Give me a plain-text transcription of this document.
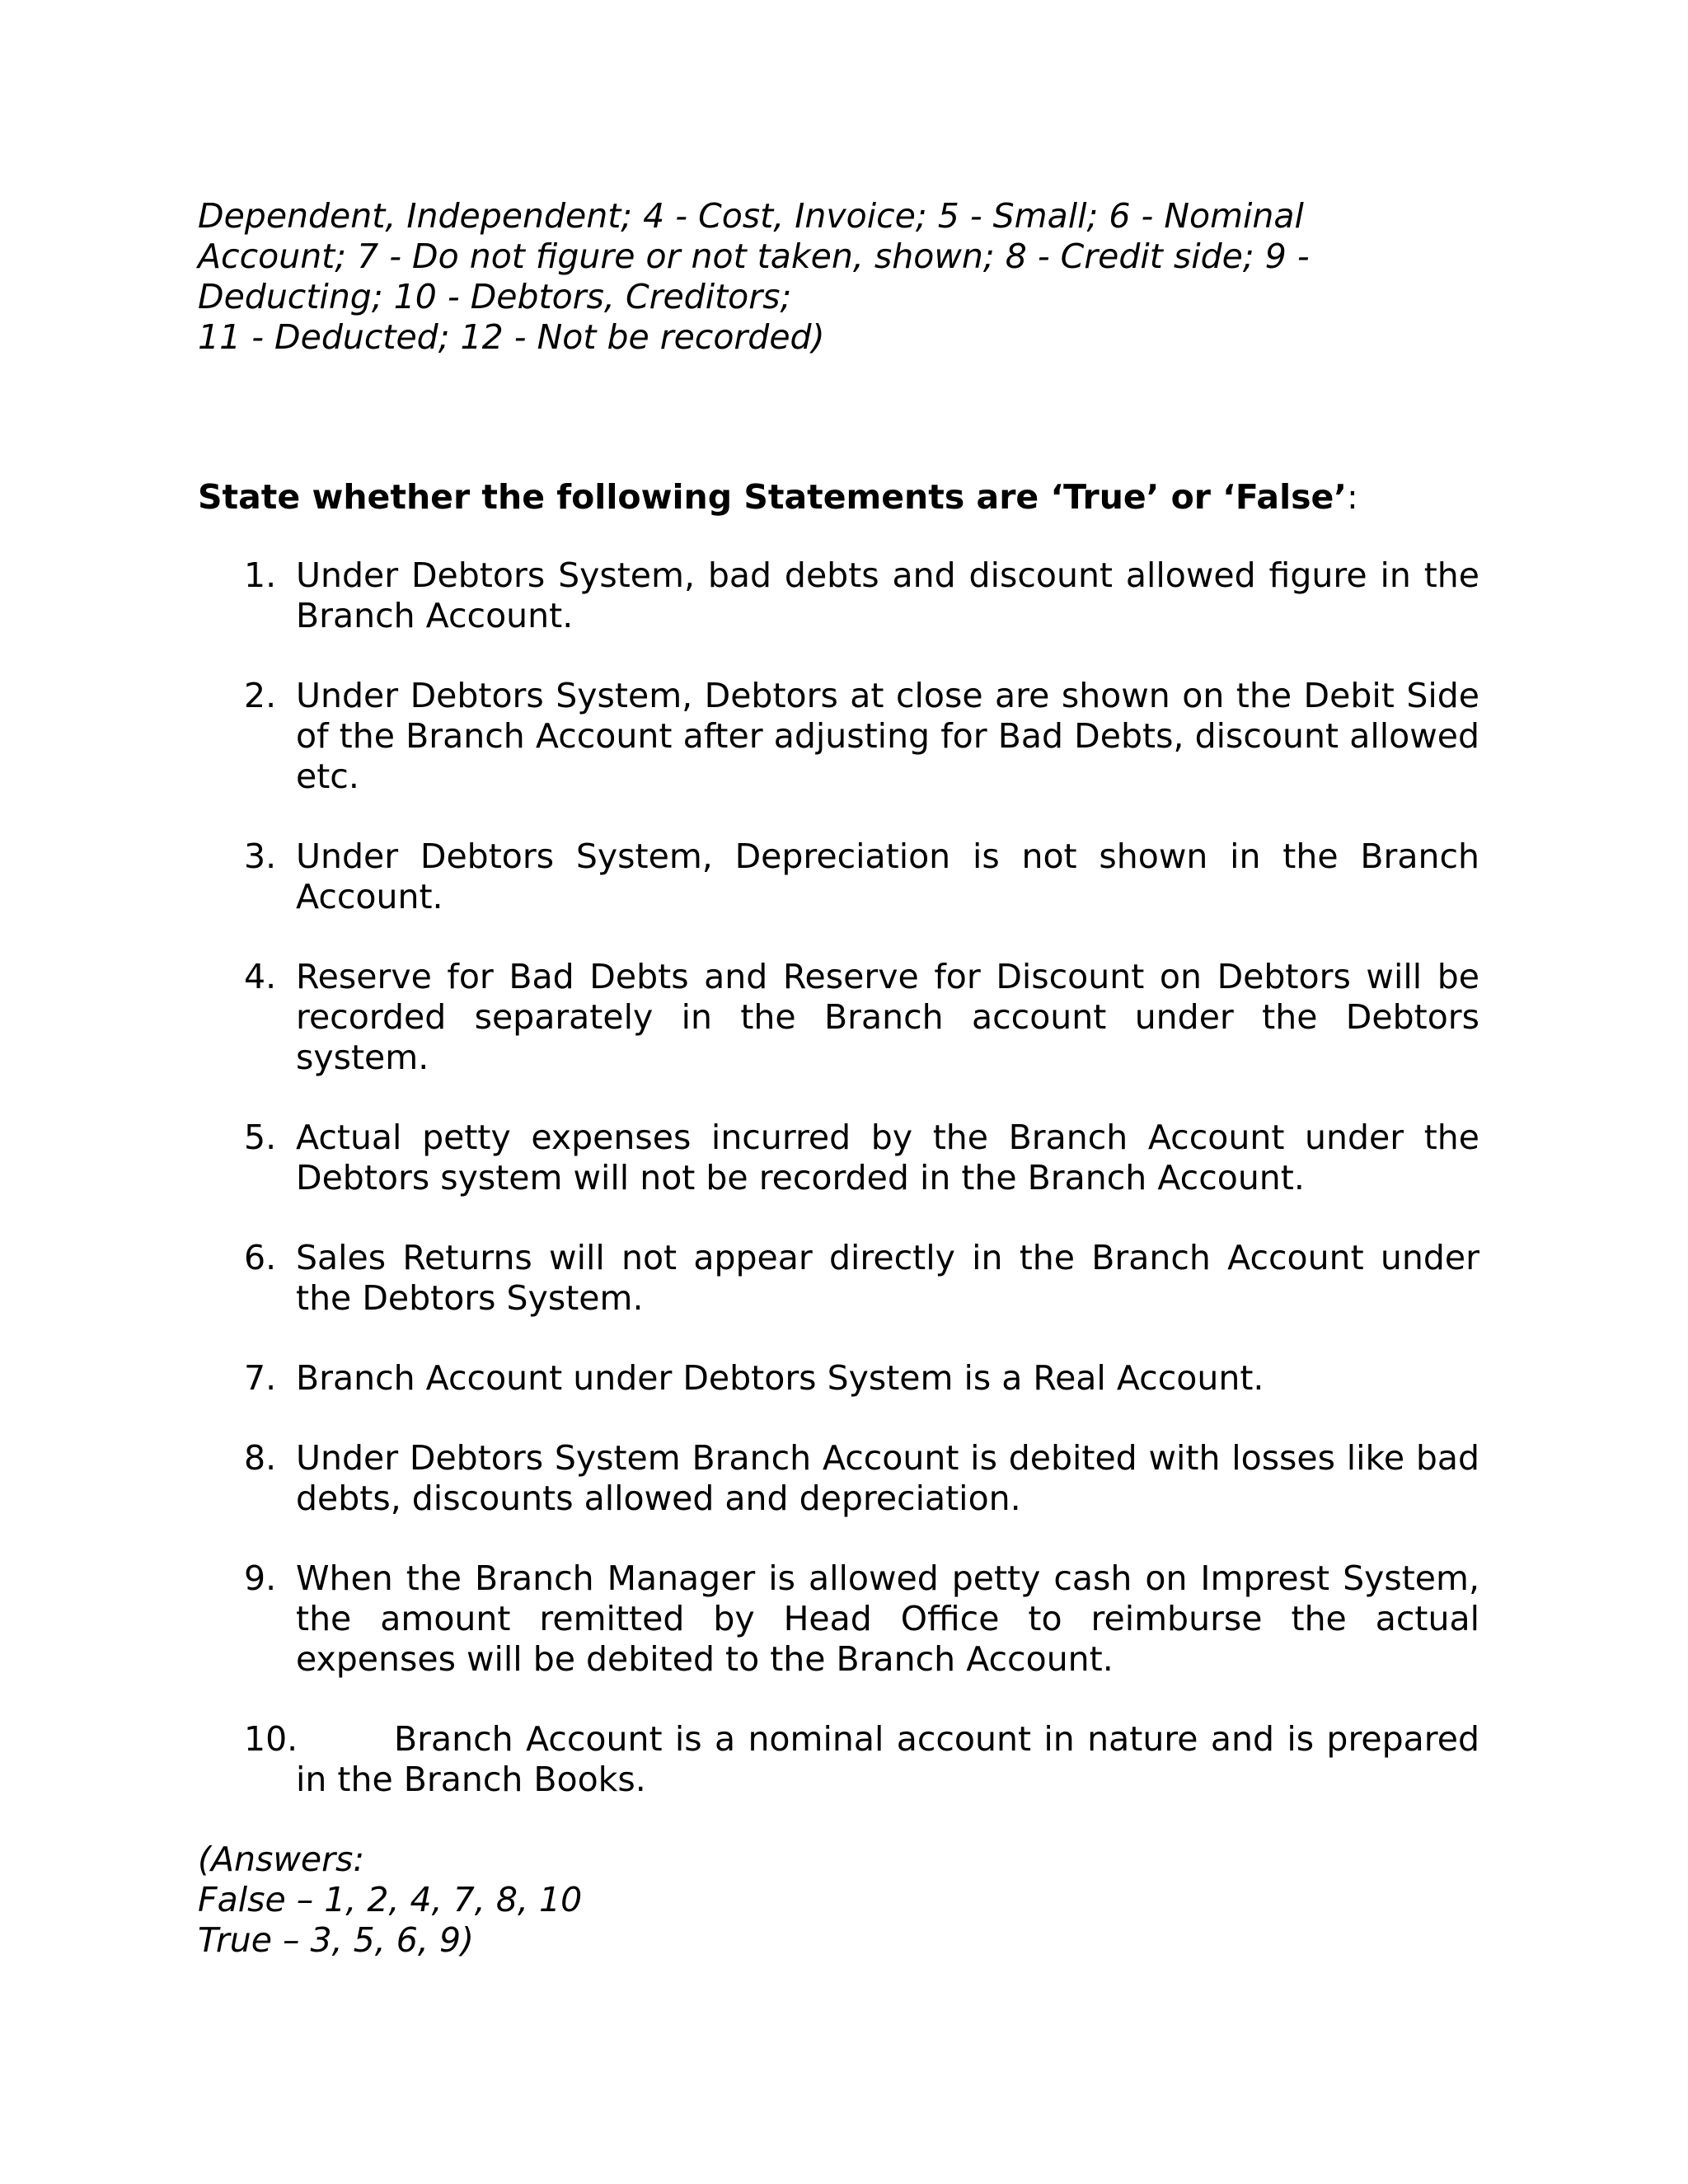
Dependent, Independent; 4 - Cost, Invoice; 5 - Small; 6 - Nominal

Account; 7 - Do not figure or not taken, shown; 8 - Credit side; 9 -

Deducting; 10 - Debtors, Creditors;

11 - Deducted; 12 - Not be recorded)

State whether the following Statements are ‘True’ or ‘False’:
1. Under Debtors System, bad debts and discount allowed figure in the Branch Account.
2. Under Debtors System, Debtors at close are shown on the Debit Side of the Branch Account after adjusting for Bad Debts, discount allowed etc.
3. Under Debtors System, Depreciation is not shown in the Branch Account.
4. Reserve for Bad Debts and Reserve for Discount on Debtors will be recorded separately in the Branch account under the Debtors system.
5. Actual petty expenses incurred by the Branch Account under the Debtors system will not be recorded in the Branch Account.
6. Sales Returns will not appear directly in the Branch Account under the Debtors System.
7. Branch Account under Debtors System is a Real Account.
8. Under Debtors System Branch Account is debited with losses like bad debts, discounts allowed and depreciation.
9. When the Branch Manager is allowed petty cash on Imprest System, the amount remitted by Head Office to reimburse the actual expenses will be debited to the Branch Account.
10.	Branch Account is a nominal account in nature and is prepared in the Branch Books.

(Answers:

False – 1, 2, 4, 7, 8, 10

True – 3, 5, 6, 9)
